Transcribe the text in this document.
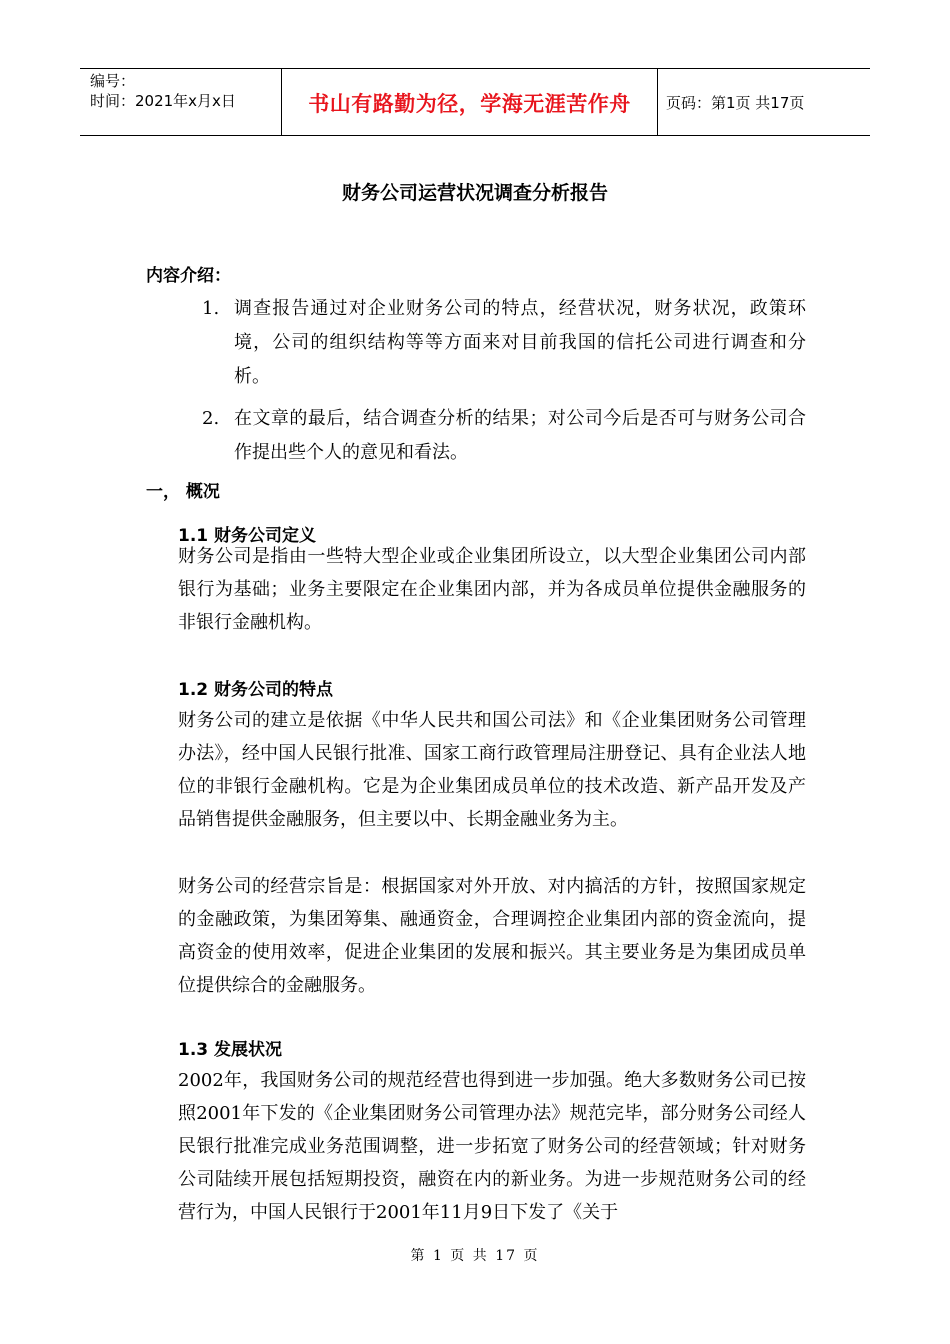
编号：
时间：2021年x月x日	书山有路勤为径，学海无涯苦作舟	页码：第1页 共17页
财务公司运营状况调查分析报告
内容介绍：
1. 调查报告通过对企业财务公司的特点，经营状况，财务状况，政策环境，公司的组织结构等等方面来对目前我国的信托公司进行调查和分析。
2. 在文章的最后，结合调查分析的结果；对公司今后是否可与财务公司合作提出些个人的意见和看法。
一， 概况
1.1 财务公司定义

财务公司是指由一些特大型企业或企业集团所设立，以大型企业集团公司内部银行为基础；业务主要限定在企业集团内部，并为各成员单位提供金融服务的非银行金融机构。

1.2 财务公司的特点

财务公司的建立是依据《中华人民共和国公司法》和《企业集团财务公司管理办法》，经中国人民银行批准、国家工商行政管理局注册登记、具有企业法人地位的非银行金融机构。它是为企业集团成员单位的技术改造、新产品开发及产品销售提供金融服务，但主要以中、长期金融业务为主。

财务公司的经营宗旨是：根据国家对外开放、对内搞活的方针，按照国家规定的金融政策，为集团筹集、融通资金，合理调控企业集团内部的资金流向，提高资金的使用效率，促进企业集团的发展和振兴。其主要业务是为集团成员单位提供综合的金融服务。

1.3 发展状况

2002年，我国财务公司的规范经营也得到进一步加强。绝大多数财务公司已按照2001年下发的《企业集团财务公司管理办法》规范完毕，部分财务公司经人民银行批准完成业务范围调整，进一步拓宽了财务公司的经营领域；针对财务公司陆续开展包括短期投资，融资在内的新业务。为进一步规范财务公司的经营行为，中国人民银行于2001年11月9日下发了《关于

第 1 页 共 17 页
